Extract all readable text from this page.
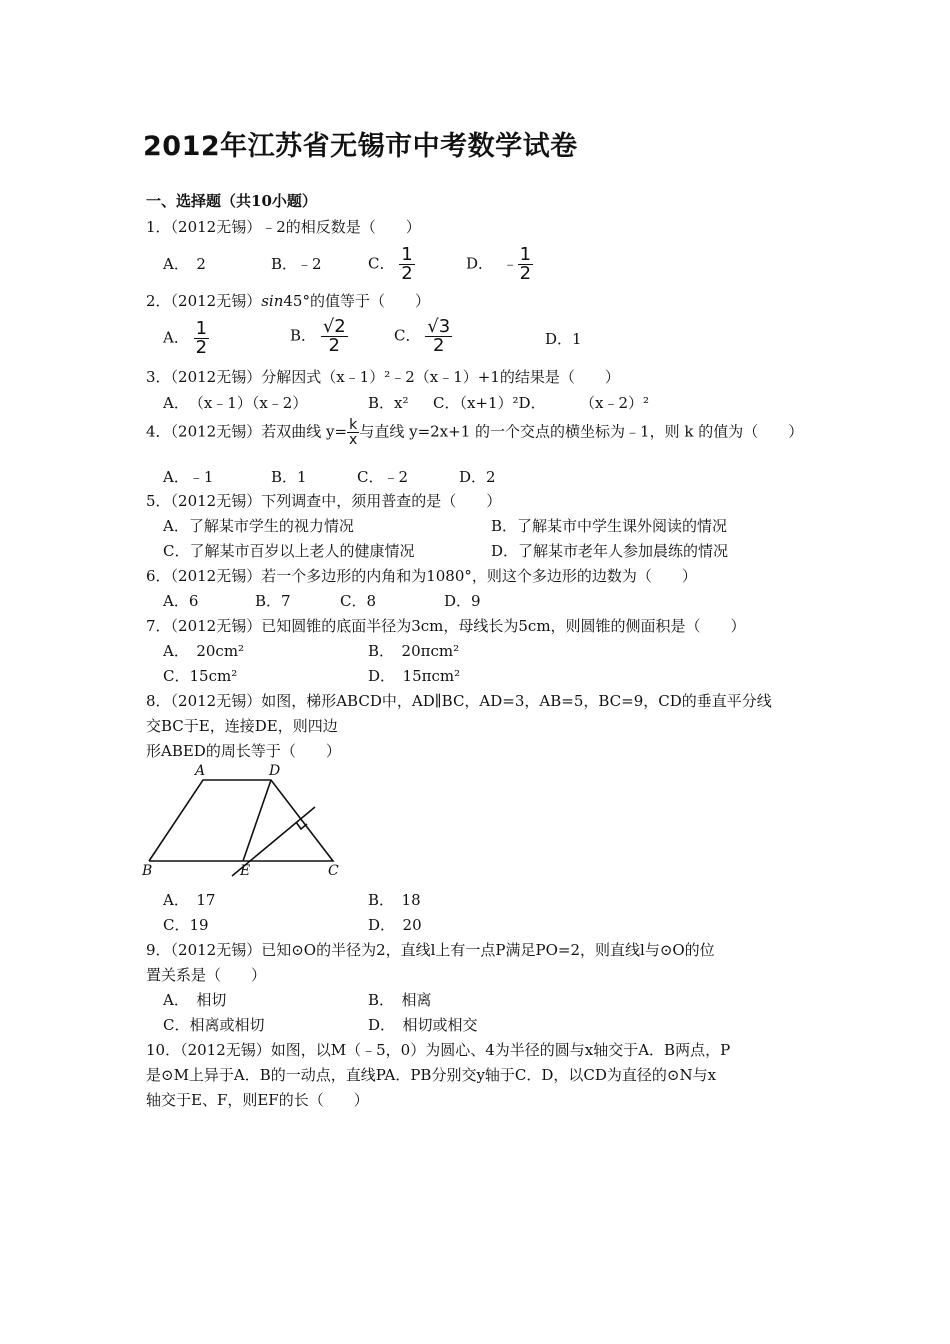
2012年江苏省无锡市中考数学试卷
一、选择题（共10小题）
1．（2012无锡）﹣2的相反数是（　　）
A．　2	B．﹣2	C． $\frac{1}{2}$	D． ﹣ $\frac{1}{2}$
2．（2012无锡）sin45°的值等于（　　）
A． $\frac{1}{2}$	B． $\frac{√2}{2}$	C． $\frac{√3}{2}$	D．1
3．（2012无锡）分解因式（x﹣1）²﹣2（x﹣1）+1的结果是（　　）
A．　（x﹣1）（x﹣2）	B．x² C．（x+1）²D． （x﹣2）²
4．（2012无锡）若双曲线 $y= \frac{k}{x}$ 与直线 y=2x+1 的一个交点的横坐标为﹣1，则 k 的值为（　　）
A．﹣1	B．1	C．﹣2	D．2
5．（2012无锡）下列调查中，须用普查的是（　　）
A．了解某市学生的视力情况	B．了解某市中学生课外阅读的情况
C．了解某市百岁以上老人的健康情况	D．了解某市老年人参加晨练的情况
6．（2012无锡）若一个多边形的内角和为1080°，则这个多边形的边数为（　　）
A．6	B．7	C．8	D．9
7．（2012无锡）已知圆锥的底面半径为3cm，母线长为5cm，则圆锥的侧面积是（　　）
A．　20cm²	B．　20πcm²
C．15cm²	D．　15πcm²
8．（2012无锡）如图，梯形ABCD中，AD∥BC，AD=3，AB=5，BC=9，CD的垂直平分线
交BC于E，连接DE，则四边
形ABED的周长等于（　　）
A	D
B	E	C
A．　17	B．　18
C．19	D．　20
9．（2012无锡）已知⊙O的半径为2，直线l上有一点P满足PO=2，则直线l与⊙O的位
置关系是（　　）
A．　相切	B．　相离
C．相离或相切	D．　相切或相交
10．（2012无锡）如图，以M（﹣5，0）为圆心、4为半径的圆与x轴交于A．B两点，P
是⊙M上异于A．B的一动点，直线PA．PB分别交y轴于C．D，以CD为直径的⊙N与x
轴交于E、F，则EF的长（　　）
